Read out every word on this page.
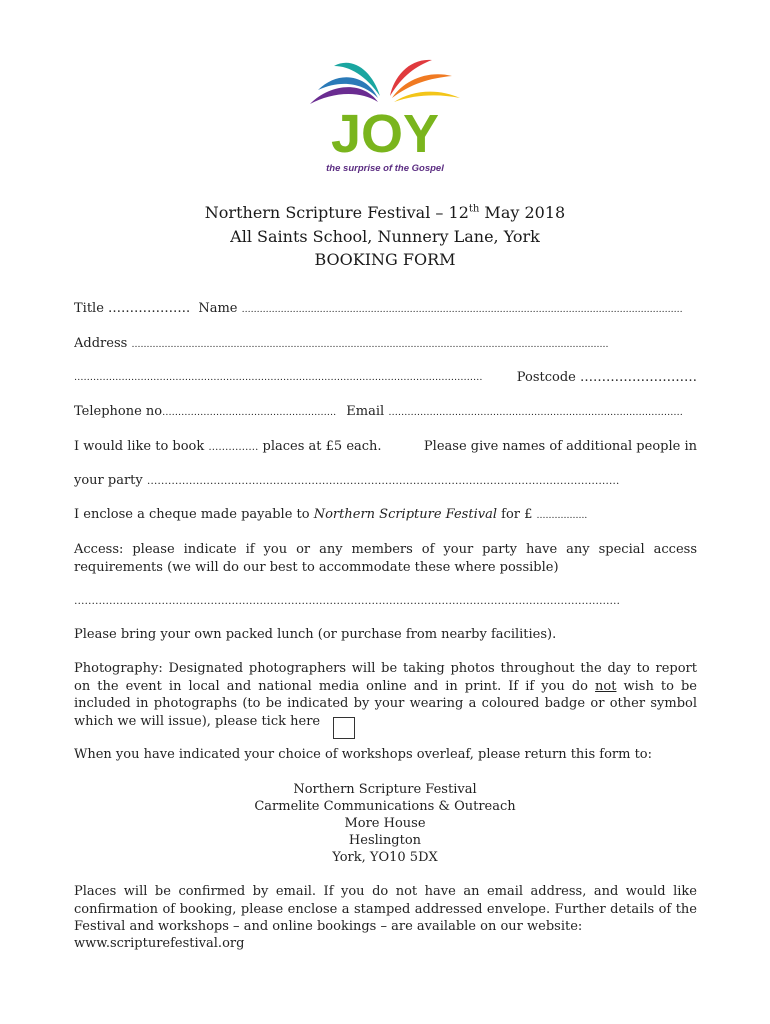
JOY
the surprise of the Gospel
Northern Scripture Festival – 12th May 2018
All Saints School, Nunnery Lane, York
BOOKING FORM
Title ………………. Name …………………………………………………………………………………………………………………………………
Address ……………………………………………………………………………………………………………………………………………
…………………………………………………………………………………………………………………	Postcode ………………………
Telephone no………………………………………………. Email …………………………………………………………………………………
I would like to book …………… places at £5 each.	Please give names of additional people in
your party ………………………………………………………………………………………………………………………
I enclose a cheque made payable to Northern Scripture Festival for £ ……………..
Access: please indicate if you or any members of your party have any special access requirements (we will do our best to accommodate these where possible)
…………………………………………………………………………………………………………………………………………
Please bring your own packed lunch (or purchase from nearby facilities).
Photography: Designated photographers will be taking photos throughout the day to report on the event in local and national media online and in print. If if you do not wish to be included in photographs (to be indicated by your wearing a coloured badge or other symbol which we will issue), please tick here
When you have indicated your choice of workshops overleaf, please return this form to:
Northern Scripture Festival
Carmelite Communications & Outreach
More House
Heslington
York, YO10 5DX
Places will be confirmed by email. If you do not have an email address, and would like confirmation of booking, please enclose a stamped addressed envelope. Further details of the Festival and workshops – and online bookings – are available on our website:
www.scripturefestival.org
